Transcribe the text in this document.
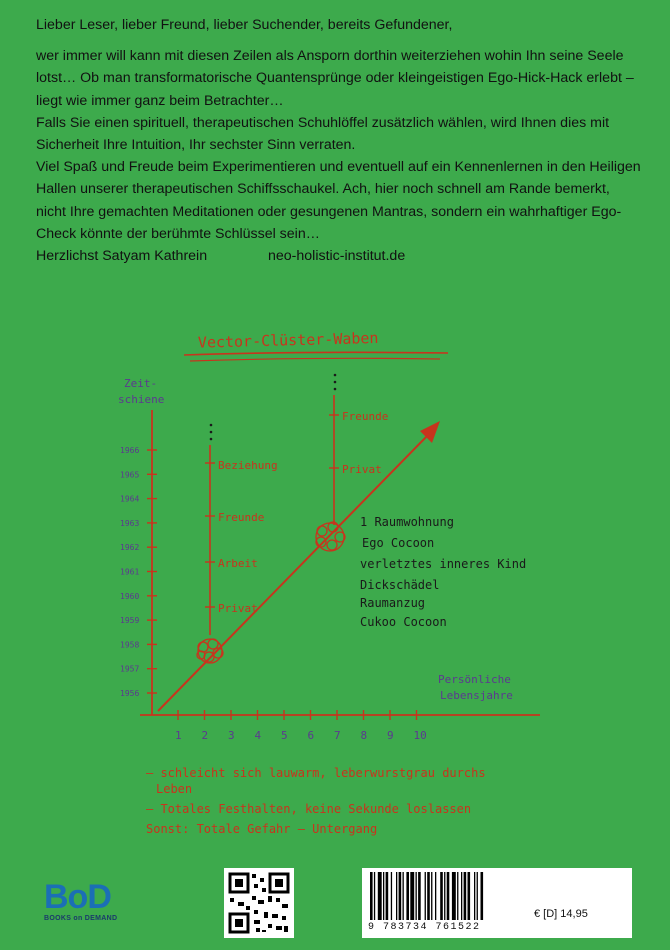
Lieber Leser, lieber Freund, lieber Suchender, bereits Gefundener,

wer immer will kann mit diesen Zeilen als Ansporn dorthin weiterziehen wohin Ihn seine Seele lotst… Ob man transformatorische Quantensprünge oder kleingeistigen Ego-Hick-Hack erlebt – liegt wie immer ganz beim Betrachter…

Falls Sie einen spirituell, therapeutischen Schuhlöffel zusätzlich wählen, wird Ihnen dies mit Sicherheit Ihre Intuition, Ihr sechster Sinn verraten.

Viel Spaß und Freude beim Experimentieren und eventuell auf ein Kennenlernen in den Heiligen Hallen unserer therapeutischen Schiffsschaukel. Ach, hier noch schnell am Rande bemerkt, nicht Ihre gemachten Meditationen oder gesungenen Mantras, sondern ein wahrhaftiger Ego-Check könnte der berühmte Schlüssel sein…

Herzlichst Satyam Kathrein	neo-holistic-institut.de

Vector-Clüster-Waben
Zeit-
schiene
1966
1965
1964
1963
1962
1961
1960
1959
1958
1957
1956
1 2 3 4 5 6 7 8 9 10
Persönliche
Lebensjahre
Beziehung
Freunde
Arbeit
Privat
Freunde
Privat
1 Raumwohnung
Ego Cocoon
verletztes inneres Kind
Dickschädel
Raumanzug
Cukoo Cocoon
– schleicht sich lauwarm, leberwurstgrau durchs
Leben
– Totales Festhalten, keine Sekunde loslassen
Sonst: Totale Gefahr – Untergang
BoD
BOOKS on DEMAND
9 783734 761522
€ [D] 14,95
